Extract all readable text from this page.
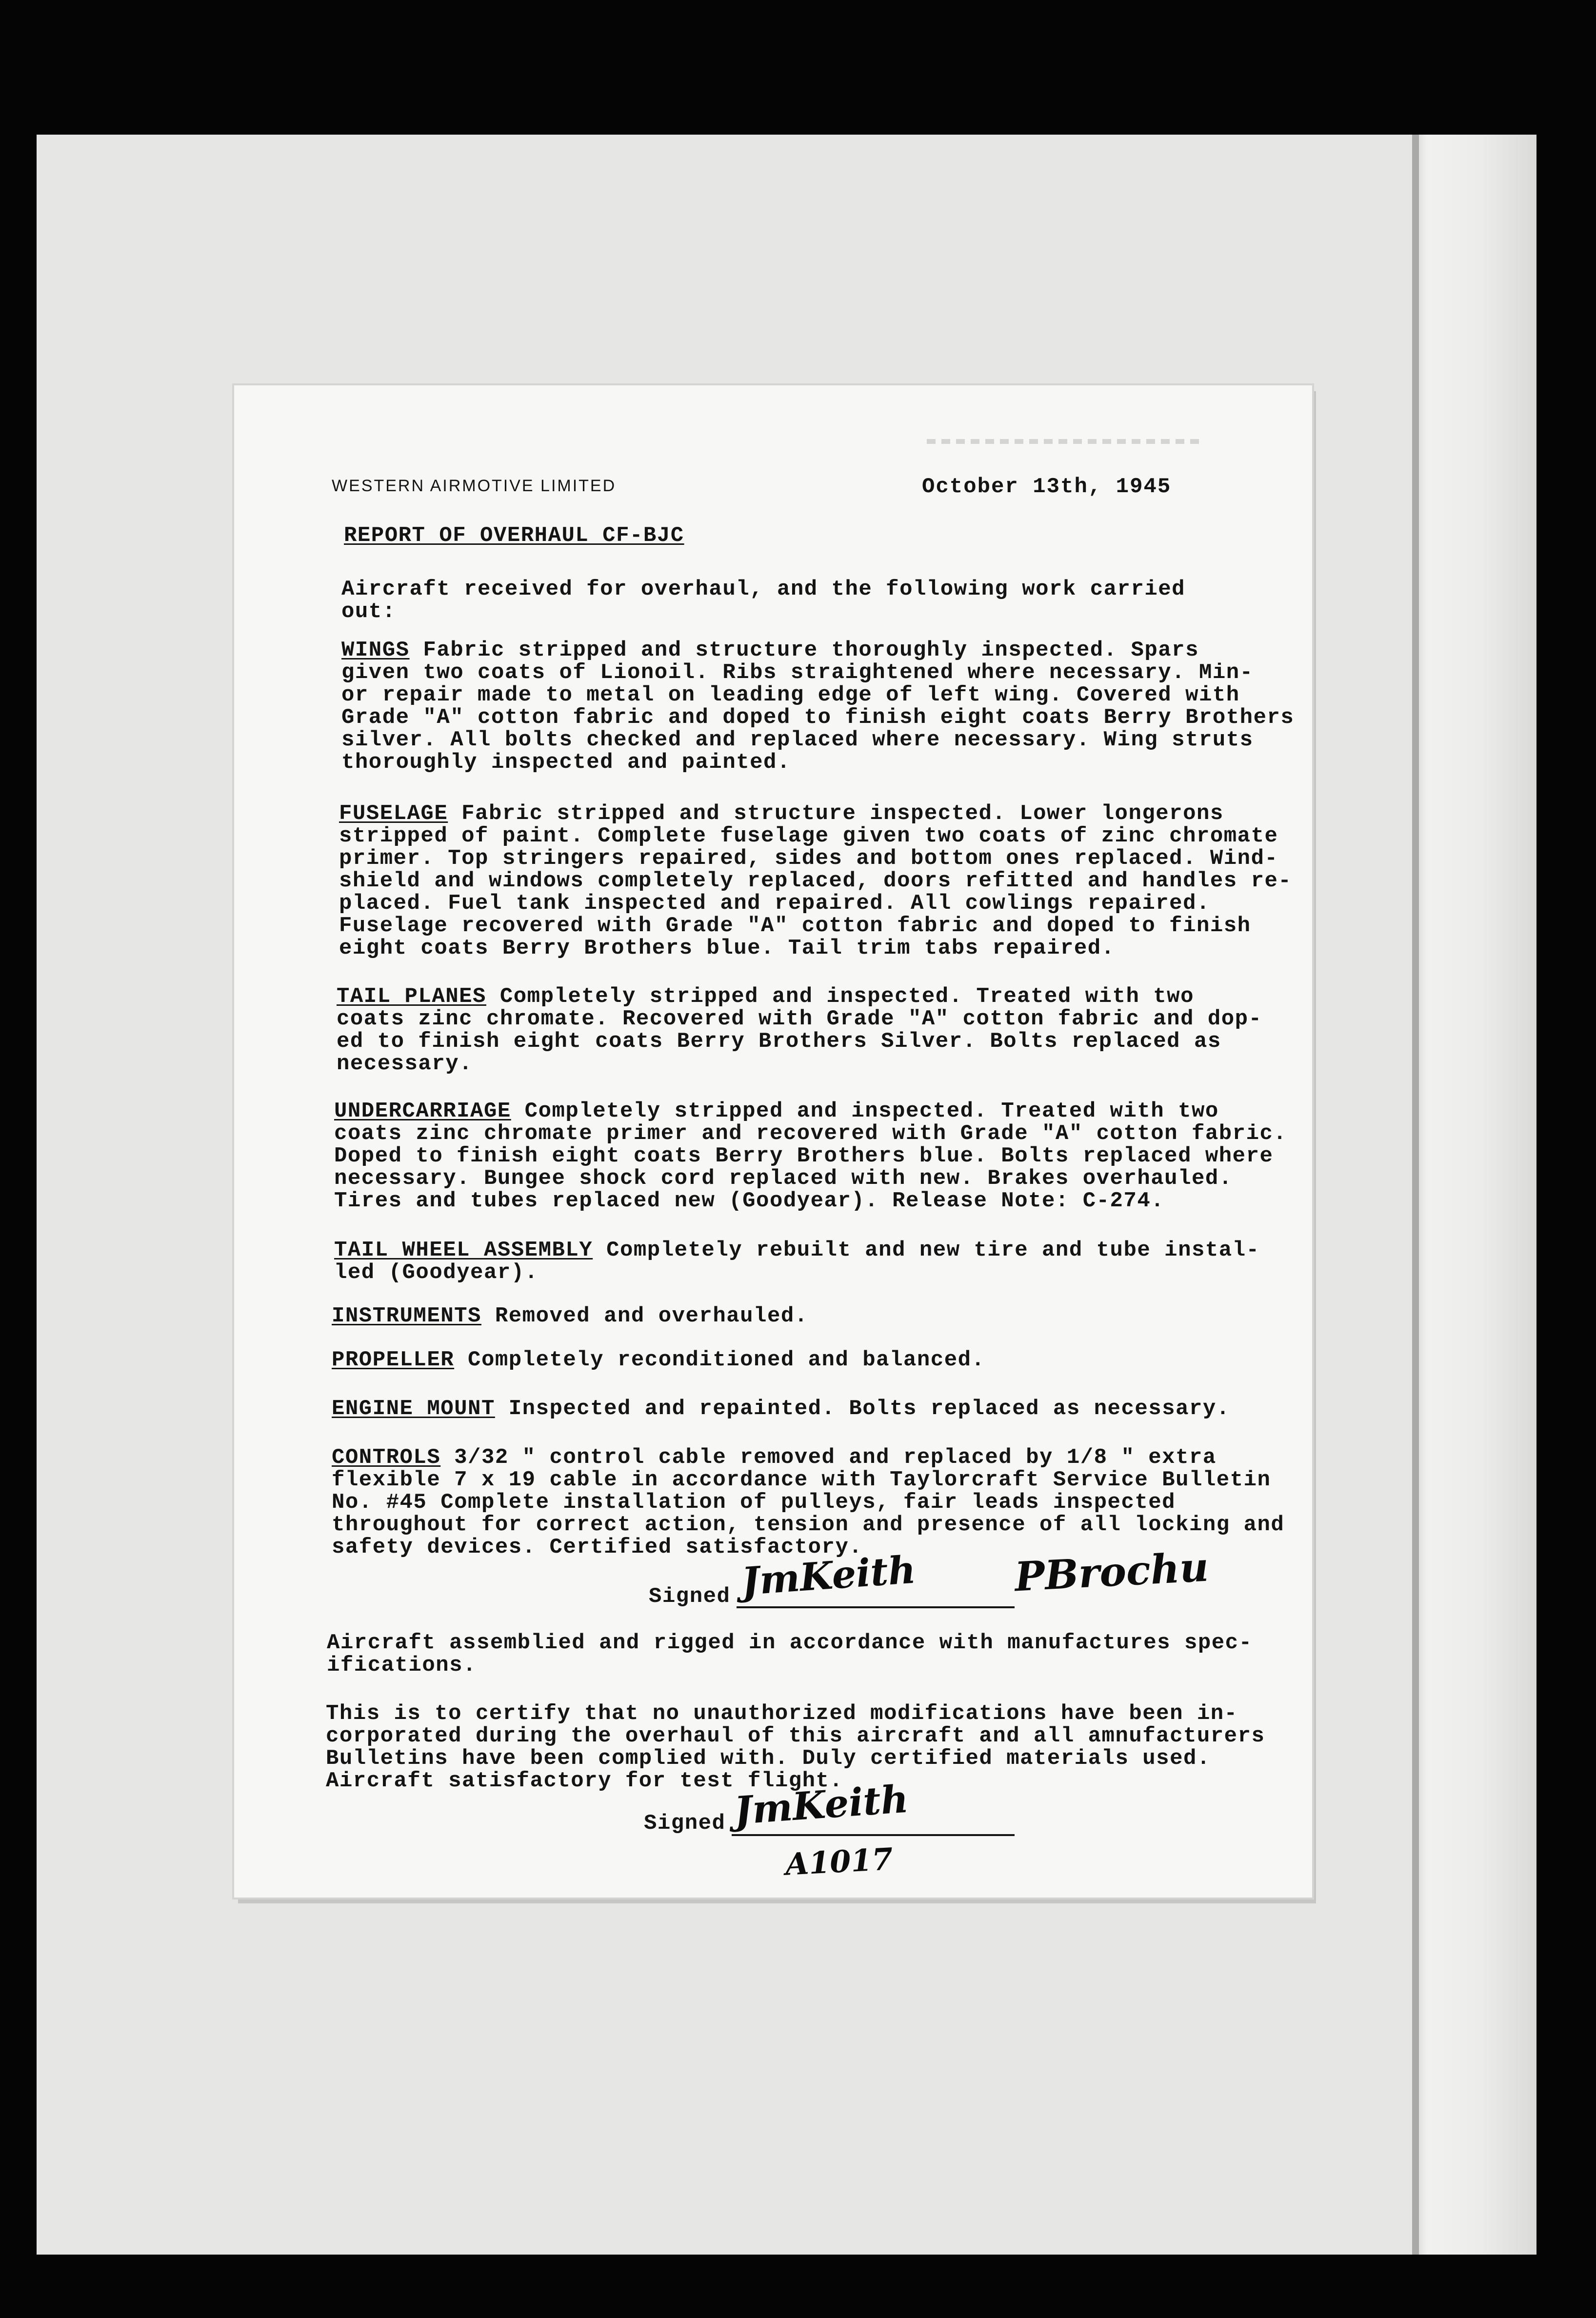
WESTERN AIRMOTIVE LIMITED	October 13th, 1945
REPORT OF OVERHAUL CF-BJC
Aircraft received for overhaul, and the following work carried
out:
WINGS Fabric stripped and structure thoroughly inspected. Spars
given two coats of Lionoil. Ribs straightened where necessary. Min-
or repair made to metal on leading edge of left wing. Covered with
Grade "A" cotton fabric and doped to finish eight coats Berry Brothers
silver. All bolts checked and replaced where necessary. Wing struts
thoroughly inspected and painted.
FUSELAGE Fabric stripped and structure inspected. Lower longerons
stripped of paint. Complete fuselage given two coats of zinc chromate
primer. Top stringers repaired, sides and bottom ones replaced. Wind-
shield and windows completely replaced, doors refitted and handles re-
placed. Fuel tank inspected and repaired. All cowlings repaired.
Fuselage recovered with Grade "A" cotton fabric and doped to finish
eight coats Berry Brothers blue. Tail trim tabs repaired.
TAIL PLANES Completely stripped and inspected. Treated with two
coats zinc chromate. Recovered with Grade "A" cotton fabric and dop-
ed to finish eight coats Berry Brothers Silver. Bolts replaced as
necessary.
UNDERCARRIAGE Completely stripped and inspected. Treated with two
coats zinc chromate primer and recovered with Grade "A" cotton fabric.
Doped to finish eight coats Berry Brothers blue. Bolts replaced where
necessary. Bungee shock cord replaced with new. Brakes overhauled.
Tires and tubes replaced new (Goodyear). Release Note: C-274.
TAIL WHEEL ASSEMBLY Completely rebuilt and new tire and tube instal-
led (Goodyear).
INSTRUMENTS Removed and overhauled.
PROPELLER Completely reconditioned and balanced.
ENGINE MOUNT Inspected and repainted. Bolts replaced as necessary.
CONTROLS 3/32 " control cable removed and replaced by 1/8 " extra
flexible 7 x 19 cable in accordance with Taylorcraft Service Bulletin
No. #45 Complete installation of pulleys, fair leads inspected
throughout for correct action, tension and presence of all locking and
safety devices. Certified satisfactory.
Signed JmKeith PBrochu
Aircraft assemblied and rigged in accordance with manufactures spec-
ifications.
This is to certify that no unauthorized modifications have been in-
corporated during the overhaul of this aircraft and all amnufacturers
Bulletins have been complied with. Duly certified materials used.
Aircraft satisfactory for test flight.
Signed JmKeith
A1017
